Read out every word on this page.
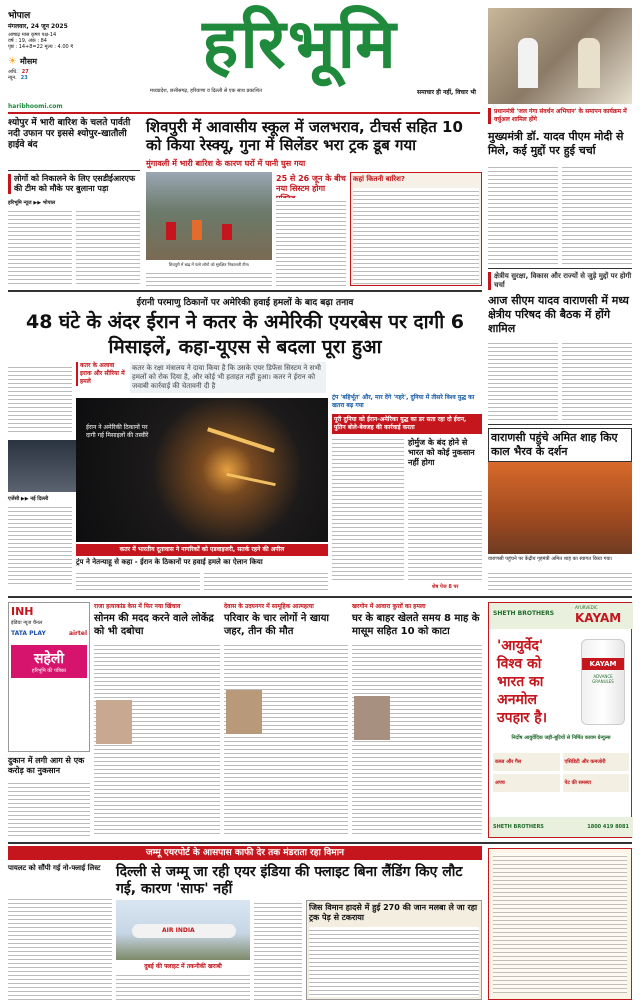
भोपाल
मंगलवार, 24 जून 2025
आषाढ़ मास कृष्ण पक्ष-14
वर्ष : 19, अंक : 84
पृष्ठ : 14+8=22 मूल्य : 4.00 ₹
☀ मौसम
अधि. 27
न्यून. 23	हरिभूमि
मध्यप्रदेश, छत्तीसगढ़, हरियाणा व दिल्ली से एक साथ प्रकाशित	समाचार ही नहीं, विचार भी
haribhoomi.com
प्रधानमंत्री 'जल गंगा संवर्धन अभियान' के समापन कार्यक्रम में वर्चुअल शामिल होंगे
मुख्यमंत्री डॉ. यादव पीएम मोदी से मिले, कई मुद्दों पर हुई चर्चा
क्षेत्रीय सुरक्षा, विकास और राज्यों से जुड़े मुद्दों पर होगी चर्चा
आज सीएम यादव वाराणसी में मध्य क्षेत्रीय परिषद की बैठक में होंगे शामिल
वाराणसी पहुंचे अमित शाह किए काल भैरव के दर्शन
वाराणसी पहुंचने पर केंद्रीय गृहमंत्री अमित शाह का स्वागत किया गया।
श्योपुर में भारी बारिश के चलते पार्वती नदी उफान पर इससे श्योपुर-खातौली हाईवे बंद
लोगों को निकालने के लिए एसडीईआरएफ की टीम को मौके पर बुलाना पड़ा
हरिभूमि न्यूज ▶▶ भोपाल
शिवपुरी में आवासीय स्कूल में जलभराव, टीचर्स सहित 10 को किया रेस्क्यू, गुना में सिलेंडर भरा ट्रक डूब गया
मुंगावली में भारी बारिश के कारण घरों में पानी घुस गया
शिवपुरी में बाढ़ में फंसे लोगों को सुरक्षित निकालती टीम।
25 से 26 जून के बीच नया सिस्टम होगा
कहां कितनी बारिश?
ईरानी परमाणु ठिकानों पर अमेरिकी हवाई हमलों के बाद बढ़ा तनाव
48 घंटे के अंदर ईरान ने कतर के अमेरिकी एयरबेस पर दागी 6 मिसाइलें, कहा-यूएस से बदला पूरा हुआ
कतर के अलावा इराक और सीरिया में हमले
कतर के रक्षा मंत्रालय ने दावा किया है कि उसके एयर डिफेंस सिस्टम ने सभी हमलों को रोक दिया है, और कोई भी हताहत नहीं हुआ। कतर ने ईरान को जवाबी कार्रवाई की चेतावनी दी है
एजेंसी ▶▶ नई दिल्ली
ईरान ने अमेरिकी ठिकानों पर दागी गई मिसाइलों की तस्वीरें
कतर में भारतीय दूतावास ने नागरिकों को एडवाइजरी, सतर्क रहने की अपील
ट्रंप ने नेतन्याहू से कहा - ईरान के ठिकानों पर हवाई हमले का ऐलान किया
ट्रंप 'बहिर्भूत' और, मार देंगे 'गहरे', दुनिया में तीसरे विश्व युद्ध का खतरा बढ़ गया
पूरी दुनिया को ईरान-अमेरिका युद्ध का डर सता रहा दो ईरान, पुतिन बोले-बेवजह की कार्रवाई करता
होर्मुज के बंद होने से भारत को कोई नुकसान नहीं होगा
शेष पेज 8 पर
INH
इंडिया न्यूज चैनल
TATA PLAY	airtel
सहेली
हरिभूमि की पत्रिका
दुकान में लगी आग से एक करोड़ का नुकसान
राजा हत्याकांड केस में फिर नया खिंचाव
सोनम की मदद करने वाले लोकेंद्र को भी दबोचा
देवास के उदयनगर में सामूहिक आत्महत्या
परिवार के चार लोगों ने खाया जहर, तीन की मौत
खरगोन में आवारा कुत्तों का हमला
घर के बाहर खेलते समय 8 माह के मासूम सहित 10 को काटा
SHETH BROTHERS
AYURVEDIC
KAYAM
'आयुर्वेद'
विश्व को
भारत का
अनमोल
उपहार है।
KAYAM
ADVANCE GRANULES
निर्दोष आयुर्वेदिक जड़ी-बूटियों से निर्मित कायम ग्रेन्युल्स
कब्ज और गैस	एसिडिटी और कमजोरी
अपच	पेट की समस्या
SHETH BROTHERS	1800 419 8081
जम्मू एयरपोर्ट के आसपास काफी देर तक मंडराता रहा विमान
पायलट को सौंपी गई नो-फ्लाई लिस्ट	दिल्ली से जम्मू जा रही एयर इंडिया की फ्लाइट बिना लैंडिंग किए लौट गई, कारण 'साफ' नहीं
AIR INDIA
दुबई की फ्लाइट में तकनीकी खराबी
जिस विमान हादसे में हुई 270 की जान मलबा ले जा रहा ट्रक पेड़ से टकराया
